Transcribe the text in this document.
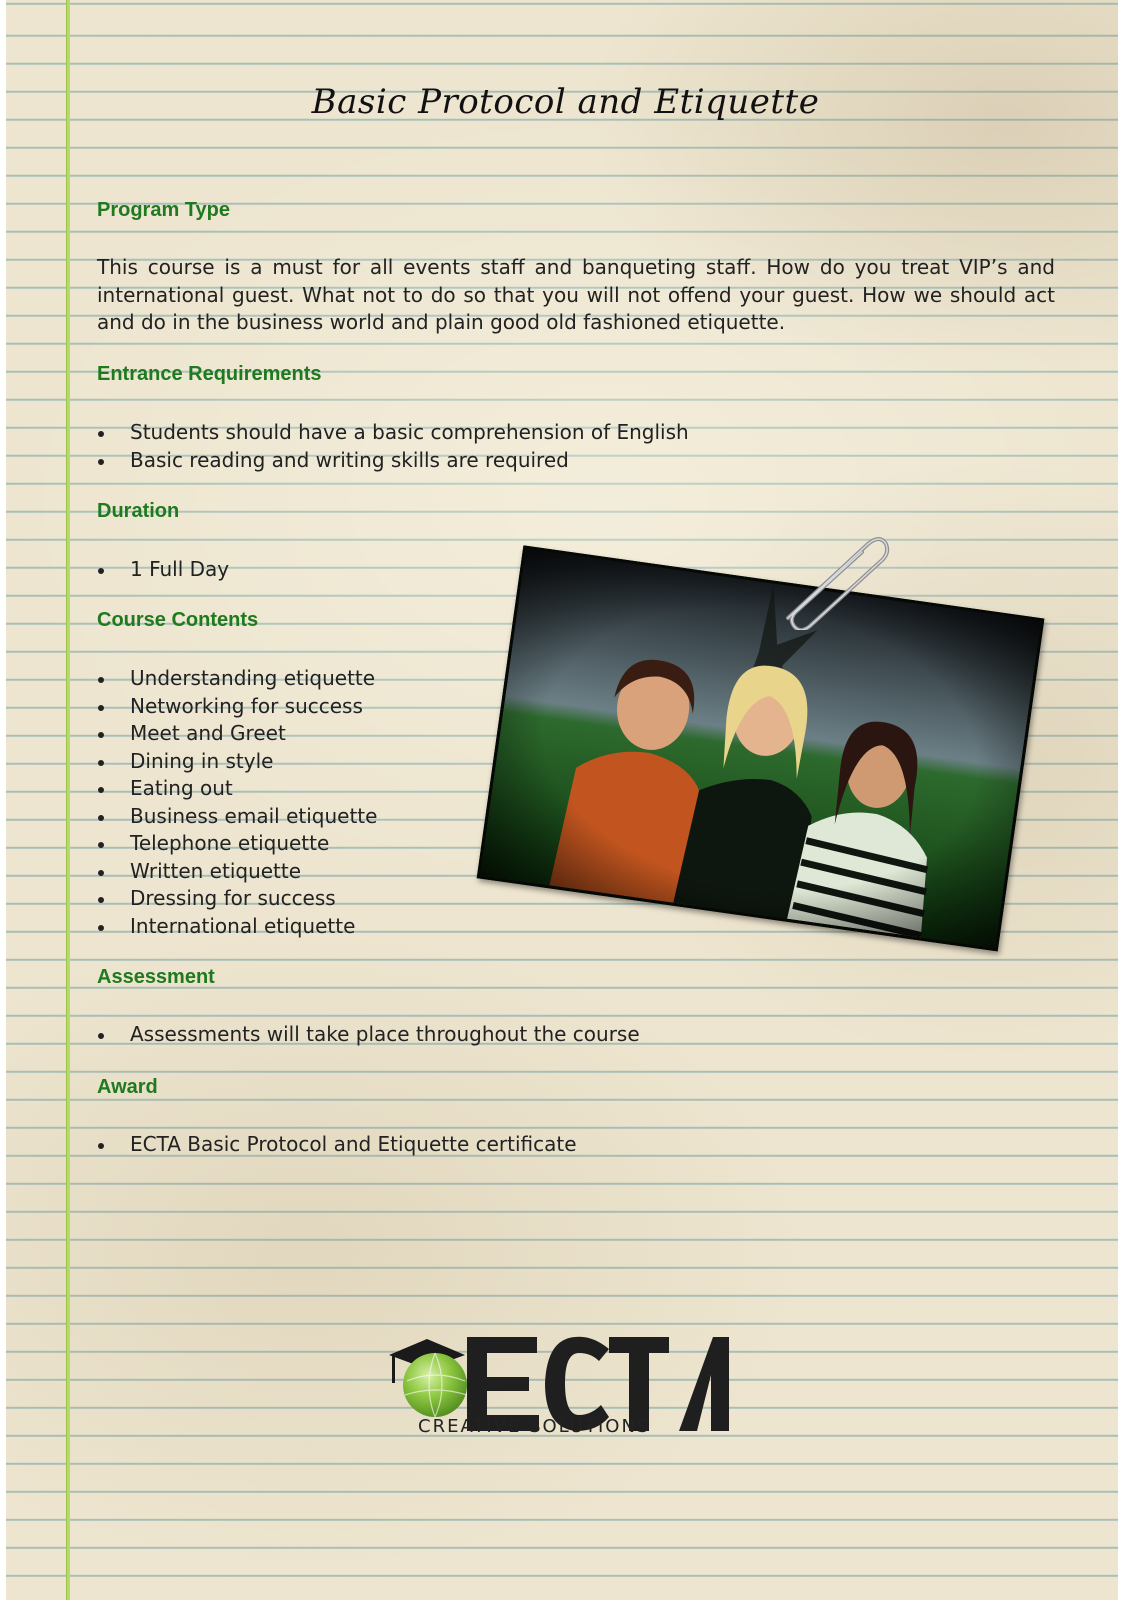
Basic Protocol and Etiquette

Program Type

This course is a must for all events staff and banqueting staff. How do you treat VIP’s and international guest. What not to do so that you will not offend your guest. How we should act and do in the business world and plain good old fashioned etiquette.

Entrance Requirements

Students should have a basic comprehension of English
Basic reading and writing skills are required

Duration

1 Full Day

Course Contents

Understanding etiquette
Networking for success
Meet and Greet
Dining in style
Eating out
Business email etiquette
Telephone etiquette
Written etiquette
Dressing for success
International etiquette

Assessment

Assessments will take place throughout the course

Award

ECTA Basic Protocol and Etiquette certificate

CREATIVE SOLUTIONS
